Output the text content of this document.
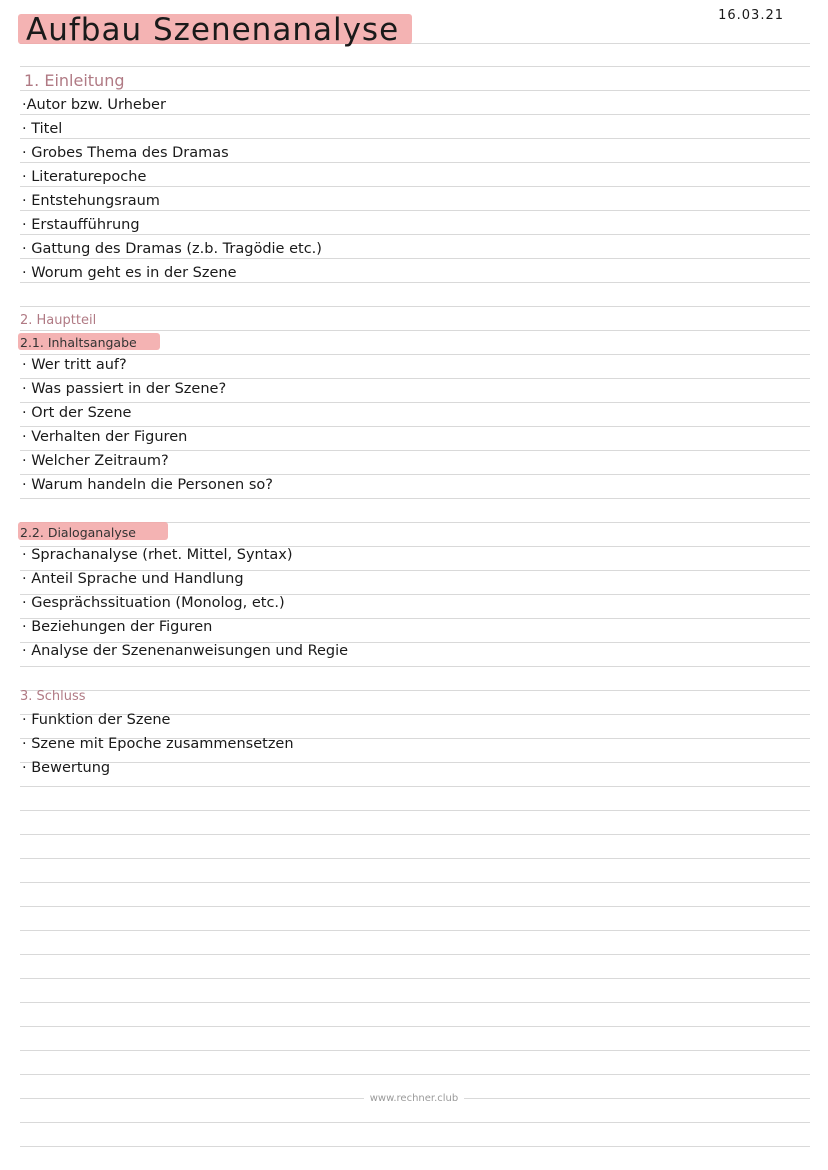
Aufbau Szenenanalyse	16.03.21
1. Einleitung
·Autor bzw. Urheber
· Titel
· Grobes Thema des Dramas
· Literaturepoche
· Entstehungsraum
· Erstaufführung
· Gattung des Dramas (z.b. Tragödie etc.)
· Worum geht es in der Szene
2. Hauptteil
2.1. Inhaltsangabe
· Wer tritt auf?
· Was passiert in der Szene?
· Ort der Szene
· Verhalten der Figuren
· Welcher Zeitraum?
· Warum handeln die Personen so?
2.2. Dialoganalyse
· Sprachanalyse (rhet. Mittel, Syntax)
· Anteil Sprache und Handlung
· Gesprächssituation (Monolog, etc.)
· Beziehungen der Figuren
· Analyse der Szenenanweisungen und Regie
3. Schluss
· Funktion der Szene
· Szene mit Epoche zusammensetzen
· Bewertung
www.rechner.club
